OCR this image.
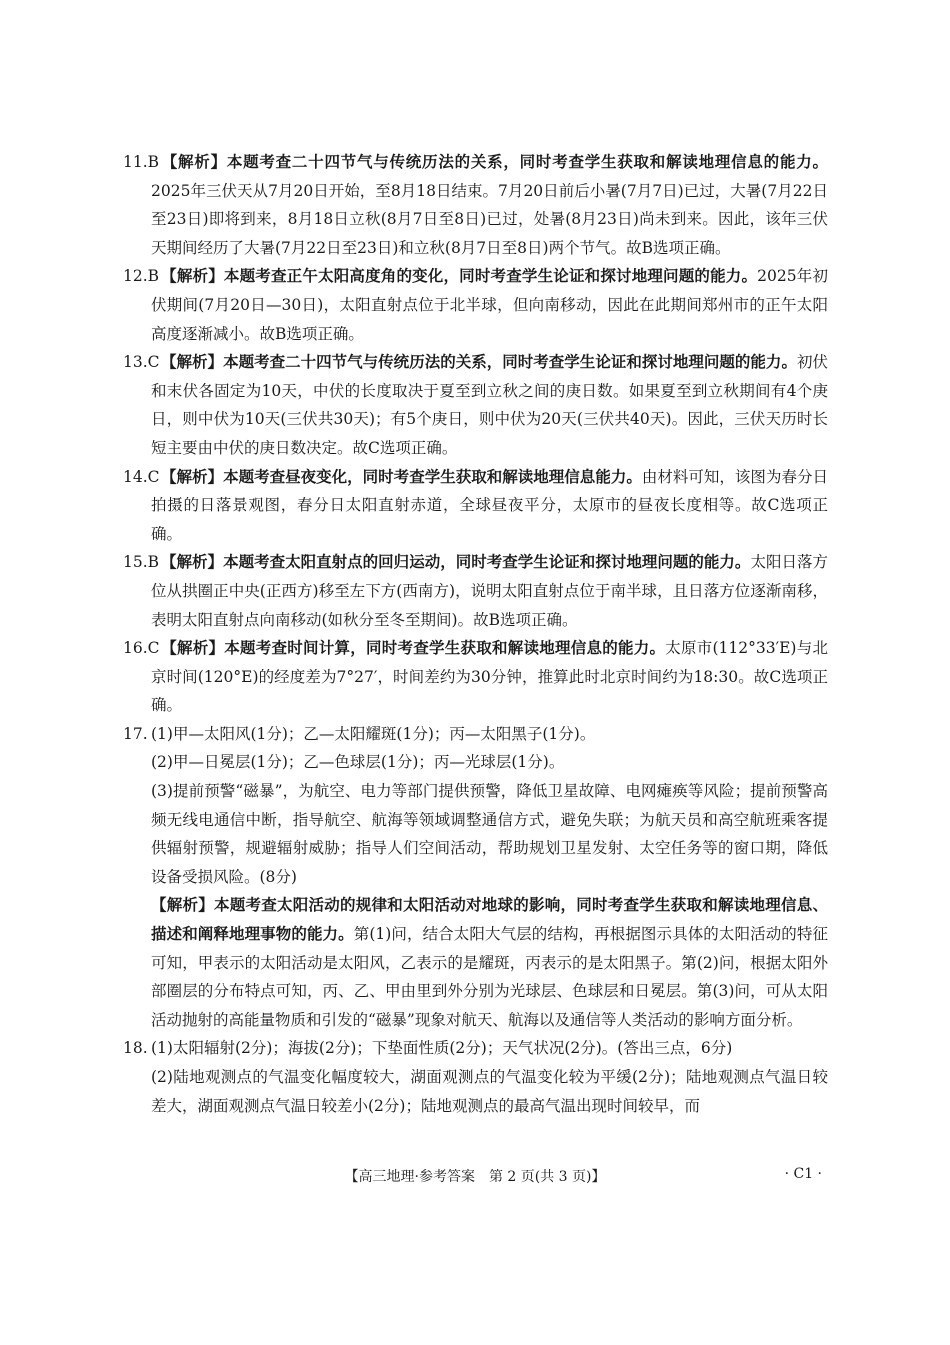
11.B 【解析】本题考查二十四节气与传统历法的关系，同时考查学生获取和解读地理信息的能力。2025年三伏天从7月20日开始，至8月18日结束。7月20日前后小暑(7月7日)已过，大暑(7月22日至23日)即将到来，8月18日立秋(8月7日至8日)已过，处暑(8月23日)尚未到来。因此，该年三伏天期间经历了大暑(7月22日至23日)和立秋(8月7日至8日)两个节气。故B选项正确。
12.B 【解析】本题考查正午太阳高度角的变化，同时考查学生论证和探讨地理问题的能力。2025年初伏期间(7月20日—30日)，太阳直射点位于北半球，但向南移动，因此在此期间郑州市的正午太阳高度逐渐减小。故B选项正确。
13.C【解析】本题考查二十四节气与传统历法的关系，同时考查学生论证和探讨地理问题的能力。初伏和末伏各固定为10天，中伏的长度取决于夏至到立秋之间的庚日数。如果夏至到立秋期间有4个庚日，则中伏为10天(三伏共30天)；有5个庚日，则中伏为20天(三伏共40天)。因此，三伏天历时长短主要由中伏的庚日数决定。故C选项正确。
14.C【解析】本题考查昼夜变化，同时考查学生获取和解读地理信息能力。由材料可知，该图为春分日拍摄的日落景观图，春分日太阳直射赤道，全球昼夜平分，太原市的昼夜长度相等。故C选项正确。
15.B 【解析】本题考查太阳直射点的回归运动，同时考查学生论证和探讨地理问题的能力。太阳日落方位从拱圈正中央(正西方)移至左下方(西南方)，说明太阳直射点位于南半球，且日落方位逐渐南移，表明太阳直射点向南移动(如秋分至冬至期间)。故B选项正确。
16.C【解析】本题考查时间计算，同时考查学生获取和解读地理信息的能力。太原市(112°33′E)与北京时间(120°E)的经度差为7°27′，时间差约为30分钟，推算此时北京时间约为18:30。故C选项正确。
17. (1)甲—太阳风(1分)；乙—太阳耀斑(1分)；丙—太阳黑子(1分)。
(2)甲—日冕层(1分)；乙—色球层(1分)；丙—光球层(1分)。
(3)提前预警“磁暴”，为航空、电力等部门提供预警，降低卫星故障、电网瘫痪等风险；提前预警高频无线电通信中断，指导航空、航海等领域调整通信方式，避免失联；为航天员和高空航班乘客提供辐射预警，规避辐射威胁；指导人们空间活动，帮助规划卫星发射、太空任务等的窗口期，降低设备受损风险。(8分)
【解析】本题考查太阳活动的规律和太阳活动对地球的影响，同时考查学生获取和解读地理信息、描述和阐释地理事物的能力。第(1)问，结合太阳大气层的结构，再根据图示具体的太阳活动的特征可知，甲表示的太阳活动是太阳风，乙表示的是耀斑，丙表示的是太阳黑子。第(2)问，根据太阳外部圈层的分布特点可知，丙、乙、甲由里到外分别为光球层、色球层和日冕层。第(3)问，可从太阳活动抛射的高能量物质和引发的“磁暴”现象对航天、航海以及通信等人类活动的影响方面分析。
18. (1)太阳辐射(2分)；海拔(2分)；下垫面性质(2分)；天气状况(2分)。(答出三点，6分)
(2)陆地观测点的气温变化幅度较大，湖面观测点的气温变化较为平缓(2分)；陆地观测点气温日较差大，湖面观测点气温日较差小(2分)；陆地观测点的最高气温出现时间较早，而
【高三地理·参考答案　第 2 页(共 3 页)】	· C1 ·
